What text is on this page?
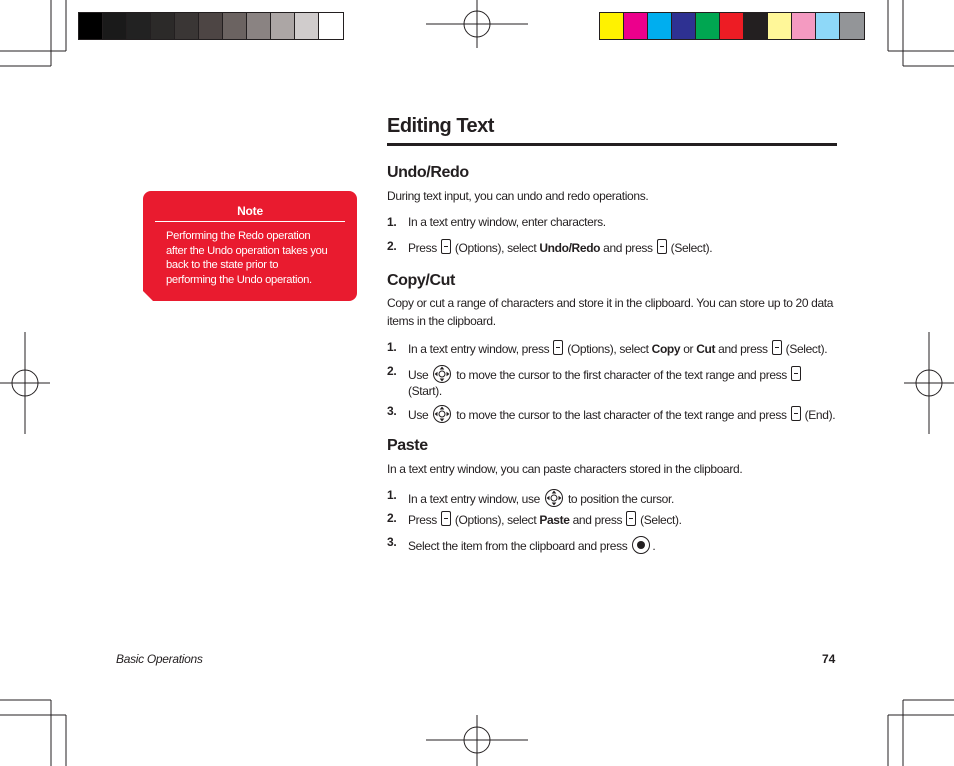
Note
Performing the Redo operation after the Undo operation takes you back to the state prior to performing the Undo operation.
Editing Text
Undo/Redo
During text input, you can undo and redo operations.
1. In a text entry window, enter characters.
2. Press (Options), select Undo/Redo and press (Select).
Copy/Cut
Copy or cut a range of characters and store it in the clipboard. You can store up to 20 data items in the clipboard.
1. In a text entry window, press (Options), select Copy or Cut and press (Select).
2. Use to move the cursor to the first character of the text range and press  (Start).
3. Use to move the cursor to the last character of the text range and press (End).
Paste
In a text entry window, you can paste characters stored in the clipboard.
1. In a text entry window, use to position the cursor.
2. Press (Options), select Paste and press (Select).
3. Select the item from the clipboard and press .
Basic Operations	74
